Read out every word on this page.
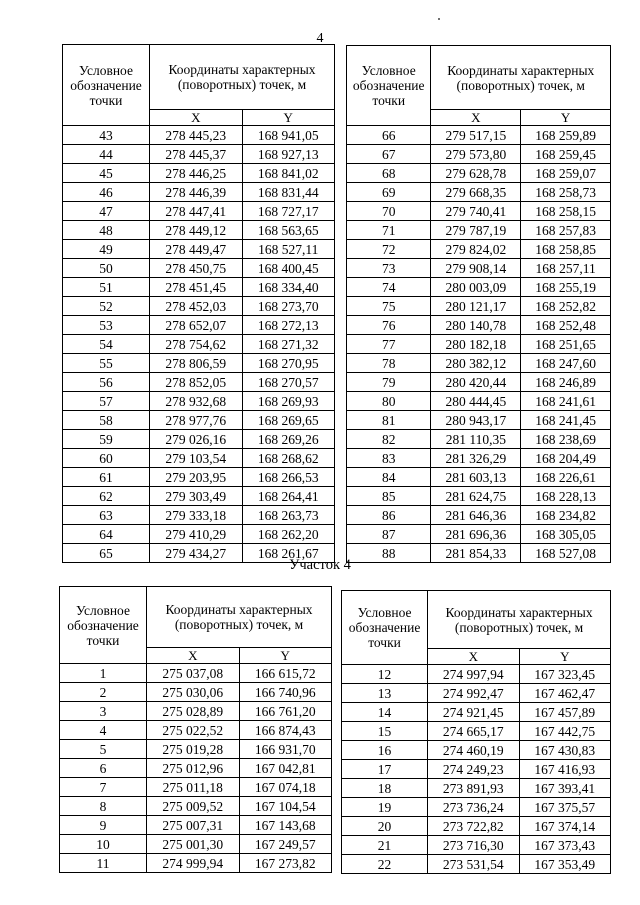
4
Условное обозначение точки	Координаты характерных (поворотных) точек, м	
	X	Y
43	278 445,23	168 941,05
44	278 445,37	168 927,13
45	278 446,25	168 841,02
46	278 446,39	168 831,44
47	278 447,41	168 727,17
48	278 449,12	168 563,65
49	278 449,47	168 527,11
50	278 450,75	168 400,45
51	278 451,45	168 334,40
52	278 452,03	168 273,70
53	278 652,07	168 272,13
54	278 754,62	168 271,32
55	278 806,59	168 270,95
56	278 852,05	168 270,57
57	278 932,68	168 269,93
58	278 977,76	168 269,65
59	279 026,16	168 269,26
60	279 103,54	168 268,62
61	279 203,95	168 266,53
62	279 303,49	168 264,41
63	279 333,18	168 263,73
64	279 410,29	168 262,20
65	279 434,27	168 261,67
Условное обозначение точки	Координаты характерных (поворотных) точек, м	
	X	Y
66	279 517,15	168 259,89
67	279 573,80	168 259,45
68	279 628,78	168 259,07
69	279 668,35	168 258,73
70	279 740,41	168 258,15
71	279 787,19	168 257,83
72	279 824,02	168 258,85
73	279 908,14	168 257,11
74	280 003,09	168 255,19
75	280 121,17	168 252,82
76	280 140,78	168 252,48
77	280 182,18	168 251,65
78	280 382,12	168 247,60
79	280 420,44	168 246,89
80	280 444,45	168 241,61
81	280 943,17	168 241,45
82	281 110,35	168 238,69
83	281 326,29	168 204,49
84	281 603,13	168 226,61
85	281 624,75	168 228,13
86	281 646,36	168 234,82
87	281 696,36	168 305,05
88	281 854,33	168 527,08
Участок 4
Условное обозначение точки	Координаты характерных (поворотных) точек, м	
	X	Y
1	275 037,08	166 615,72
2	275 030,06	166 740,96
3	275 028,89	166 761,20
4	275 022,52	166 874,43
5	275 019,28	166 931,70
6	275 012,96	167 042,81
7	275 011,18	167 074,18
8	275 009,52	167 104,54
9	275 007,31	167 143,68
10	275 001,30	167 249,57
11	274 999,94	167 273,82
Условное обозначение точки	Координаты характерных (поворотных) точек, м	
	X	Y
12	274 997,94	167 323,45
13	274 992,47	167 462,47
14	274 921,45	167 457,89
15	274 665,17	167 442,75
16	274 460,19	167 430,83
17	274 249,23	167 416,93
18	273 891,93	167 393,41
19	273 736,24	167 375,57
20	273 722,82	167 374,14
21	273 716,30	167 373,43
22	273 531,54	167 353,49
